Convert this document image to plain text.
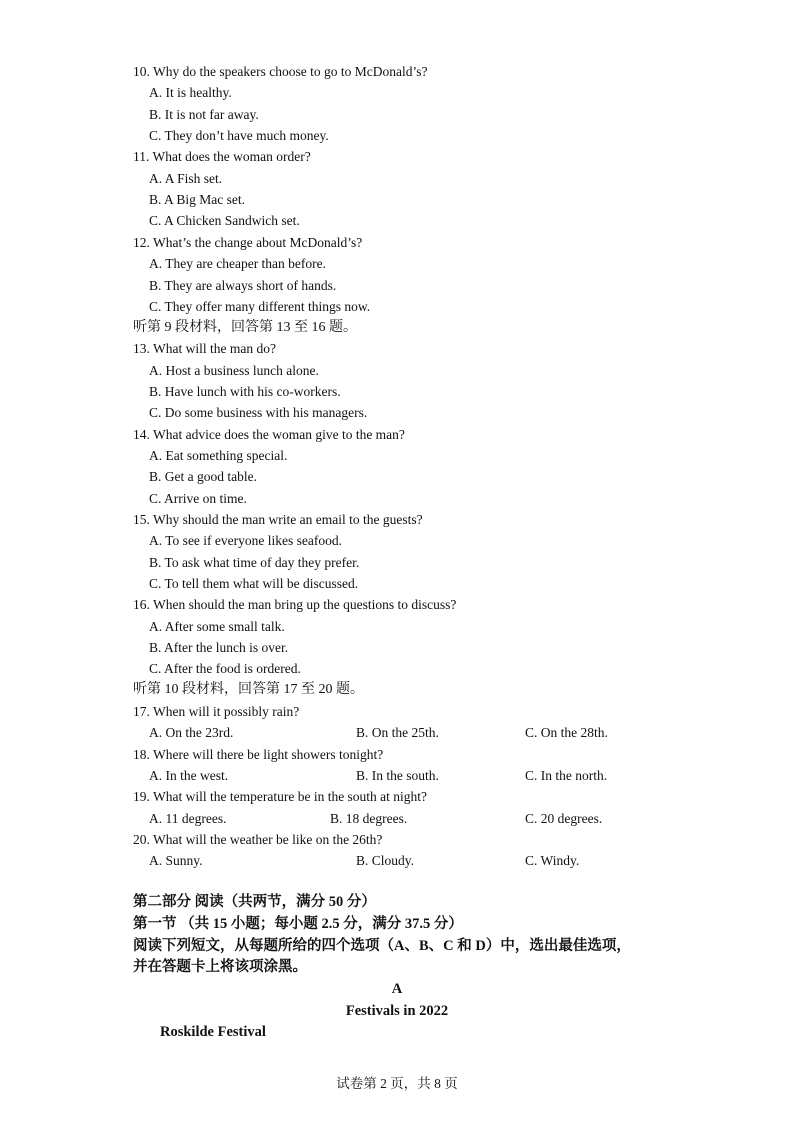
10. Why do the speakers choose to go to McDonald’s?
A. It is healthy.
B. It is not far away.
C. They don’t have much money.
11. What does the woman order?
A. A Fish set.
B. A Big Mac set.
C. A Chicken Sandwich set.
12. What’s the change about McDonald’s?
A. They are cheaper than before.
B. They are always short of hands.
C. They offer many different things now.
听第 9 段材料，回答第 13 至 16 题。
13. What will the man do?
A. Host a business lunch alone.
B. Have lunch with his co-workers.
C. Do some business with his managers.
14. What advice does the woman give to the man?
A. Eat something special.
B. Get a good table.
C. Arrive on time.
15. Why should the man write an email to the guests?
A. To see if everyone likes seafood.
B. To ask what time of day they prefer.
C. To tell them what will be discussed.
16. When should the man bring up the questions to discuss?
A. After some small talk.
B. After the lunch is over.
C. After the food is ordered.
听第 10 段材料，回答第 17 至 20 题。
17. When will it possibly rain?
A. On the 23rd.	B. On the 25th.	C. On the 28th.
18. Where will there be light showers tonight?
A. In the west.	B. In the south.	C. In the north.
19. What will the temperature be in the south at night?
A. 11 degrees.	B. 18 degrees.	C. 20 degrees.
20. What will the weather be like on the 26th?
A. Sunny.	B. Cloudy.	C. Windy.
第二部分 阅读（共两节，满分 50 分）
第一节 （共 15 小题；每小题 2.5 分，满分 37.5 分）
阅读下列短文，从每题所给的四个选项（A、B、C 和 D）中，选出最佳选项，
并在答题卡上将该项涂黑。
A
Festivals in 2022
Roskilde Festival
试卷第 2 页，共 8 页
